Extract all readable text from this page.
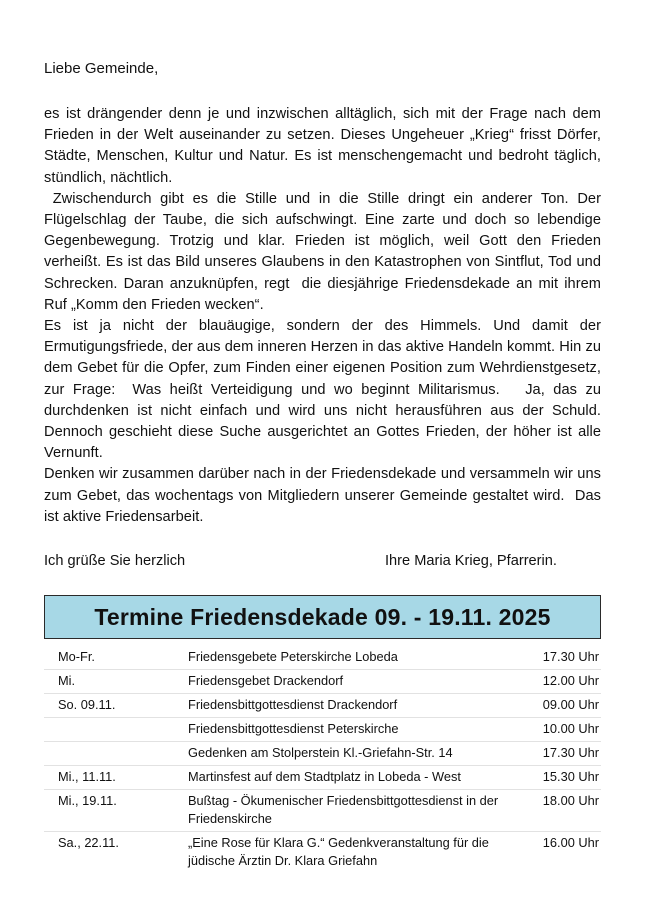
Liebe Gemeinde,

es ist drängender denn je und inzwischen alltäglich, sich mit der Frage nach dem Frieden in der Welt auseinander zu setzen. Dieses Ungeheuer „Krieg“ frisst Dörfer, Städte, Menschen, Kultur und Natur. Es ist menschengemacht und bedroht täglich, stündlich, nächtlich.

Zwischendurch gibt es die Stille und in die Stille dringt ein anderer Ton. Der Flügelschlag der Taube, die sich aufschwingt. Eine zarte und doch so lebendige Gegenbewegung. Trotzig und klar. Frieden ist möglich, weil Gott den Frieden verheißt. Es ist das Bild unseres Glaubens in den Katastrophen von Sintflut, Tod und Schrecken. Daran anzuknüpfen, regt  die diesjährige Friedensdekade an mit ihrem Ruf „Komm den Frieden wecken“.

Es ist ja nicht der blauäugige, sondern der des Himmels. Und damit der Ermutigungsfriede, der aus dem inneren Herzen in das aktive Handeln kommt. Hin zu dem Gebet für die Opfer, zum Finden einer eigenen Position zum Wehrdienstgesetz, zur Frage:  Was heißt Verteidigung und wo beginnt Militarismus.   Ja, das zu durchdenken ist nicht einfach und wird uns nicht herausführen aus der Schuld. Dennoch geschieht diese Suche ausgerichtet an Gottes Frieden, der höher ist alle Vernunft.

Denken wir zusammen darüber nach in der Friedensdekade und versammeln wir uns zum Gebet, das wochentags von Mitgliedern unserer Gemeinde gestaltet wird.  Das ist aktive Friedensarbeit.

Ich grüße Sie herzlich	Ihre Maria Krieg, Pfarrerin.
Termine Friedensdekade 09. - 19.11. 2025
Mo-Fr.	Friedensgebete Peterskirche Lobeda	17.30 Uhr
Mi.	Friedensgebet Drackendorf	12.00 Uhr
So. 09.11.	Friedensbittgottesdienst Drackendorf	09.00 Uhr
	Friedensbittgottesdienst Peterskirche	10.00 Uhr
	Gedenken am Stolperstein Kl.-Griefahn-Str. 14	17.30 Uhr
Mi., 11.11.	Martinsfest auf dem Stadtplatz in Lobeda - West	15.30 Uhr
Mi., 19.11.	Bußtag - Ökumenischer Friedensbittgottesdienst in der Friedenskirche	18.00 Uhr
Sa., 22.11.	„Eine Rose für Klara G.“ Gedenkveranstaltung für die jüdische Ärztin Dr. Klara Griefahn	16.00 Uhr
